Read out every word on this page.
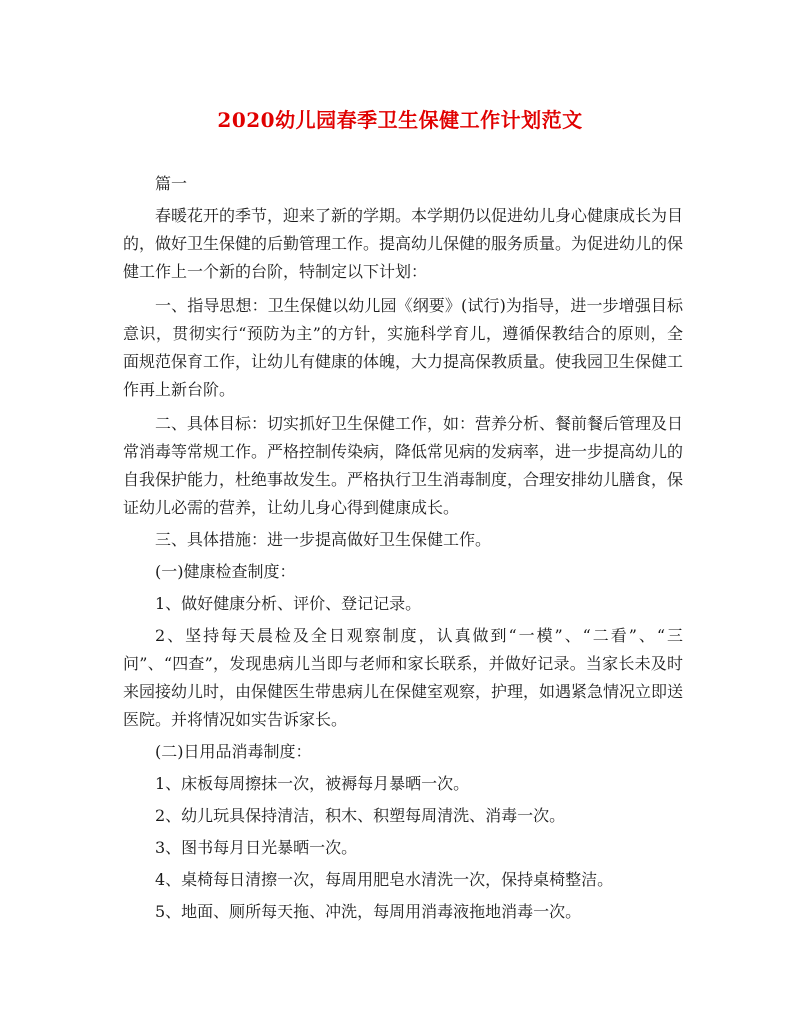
2020幼儿园春季卫生保健工作计划范文

篇一

春暖花开的季节，迎来了新的学期。本学期仍以促进幼儿身心健康成长为目的，做好卫生保健的后勤管理工作。提高幼儿保健的服务质量。为促进幼儿的保健工作上一个新的台阶，特制定以下计划：

一、指导思想：卫生保健以幼儿园《纲要》(试行)为指导，进一步增强目标意识，贯彻实行“预防为主”的方针，实施科学育儿，遵循保教结合的原则，全面规范保育工作，让幼儿有健康的体魄，大力提高保教质量。使我园卫生保健工作再上新台阶。

二、具体目标：切实抓好卫生保健工作，如：营养分析、餐前餐后管理及日常消毒等常规工作。严格控制传染病，降低常见病的发病率，进一步提高幼儿的自我保护能力，杜绝事故发生。严格执行卫生消毒制度，合理安排幼儿膳食，保证幼儿必需的营养，让幼儿身心得到健康成长。

三、具体措施：进一步提高做好卫生保健工作。

(一)健康检查制度：

1、做好健康分析、评价、登记记录。

2、坚持每天晨检及全日观察制度，认真做到“一模”、“二看”、“三问”、“四查”，发现患病儿当即与老师和家长联系，并做好记录。当家长未及时来园接幼儿时，由保健医生带患病儿在保健室观察，护理，如遇紧急情况立即送医院。并将情况如实告诉家长。

(二)日用品消毒制度：

1、床板每周擦抹一次，被褥每月暴晒一次。

2、幼儿玩具保持清洁，积木、积塑每周清洗、消毒一次。

3、图书每月日光暴晒一次。

4、桌椅每日清擦一次，每周用肥皂水清洗一次，保持桌椅整洁。

5、地面、厕所每天拖、冲洗，每周用消毒液拖地消毒一次。
